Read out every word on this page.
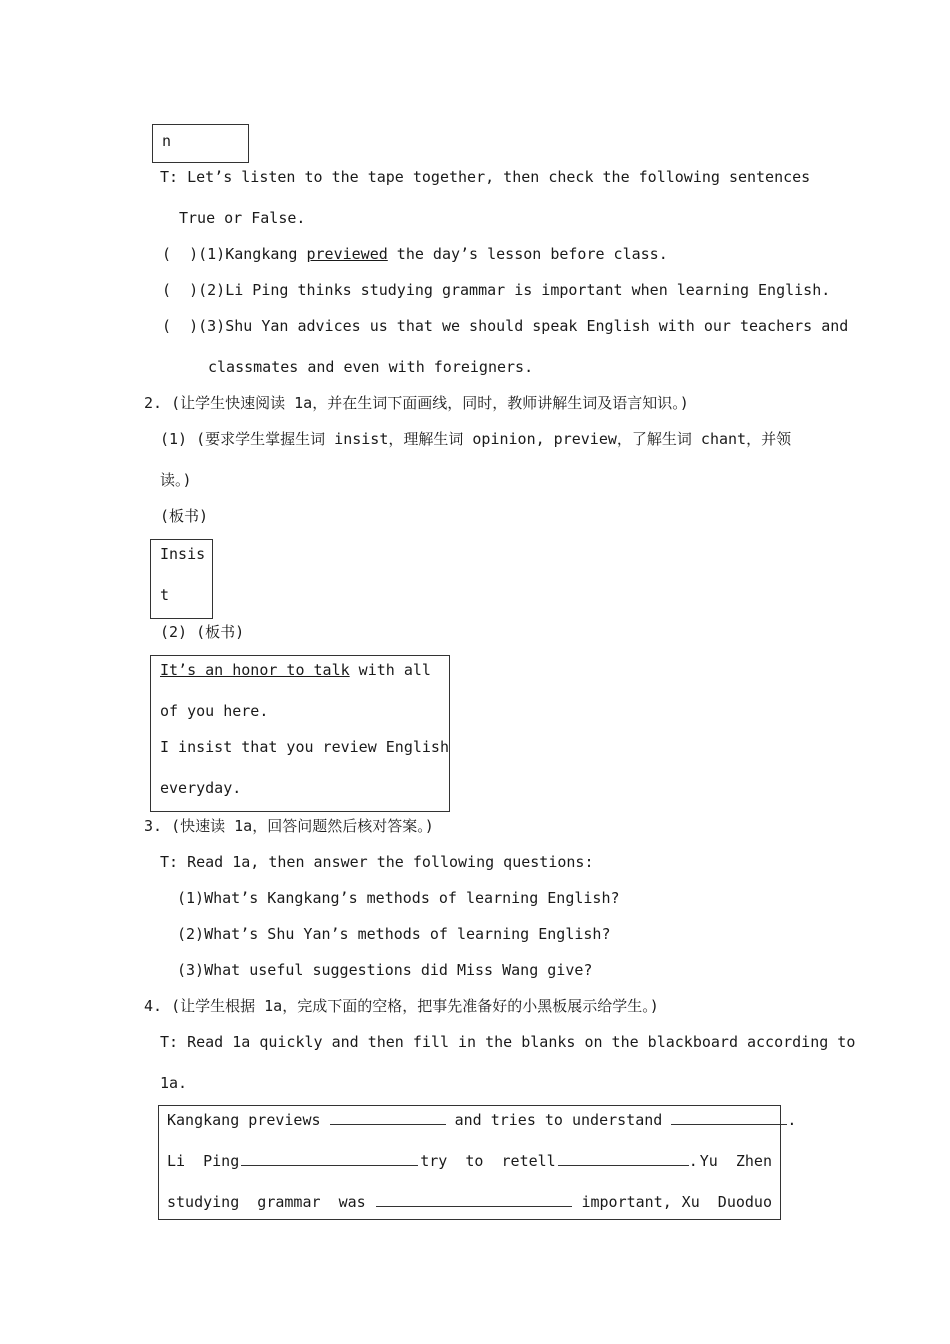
n
T: Let’s listen to the tape together, then check the following sentences
True or False.
(  )(1)Kangkang previewed the day’s lesson before class.
(  )(2)Li Ping thinks studying grammar is important when learning English.
(  )(3)Shu Yan advices us that we should speak English with our teachers and
classmates and even with foreigners.
2. (让学生快速阅读 1a，并在生词下面画线，同时，教师讲解生词及语言知识。)
(1) (要求学生掌握生词 insist，理解生词 opinion, preview，了解生词 chant，并领
读。)
(板书)
Insis
t
(2) (板书)
It’s an honor to talk with all
of you here.
I insist that you review English
everyday.
3. (快速读 1a，回答问题然后核对答案。)
T: Read 1a, then answer the following questions:
(1)What’s Kangkang’s methods of learning English?
(2)What’s Shu Yan’s methods of learning English?
(3)What useful suggestions did Miss Wang give?
4. (让学生根据 1a，完成下面的空格，把事先准备好的小黑板展示给学生。)
T: Read 1a quickly and then fill in the blanks on the blackboard according to
1a.
Kangkang previews	and tries to understand	.
Li  Ping	try  to  retell	. Yu  Zhen
studying  grammar  was	important, Xu  Duoduo
